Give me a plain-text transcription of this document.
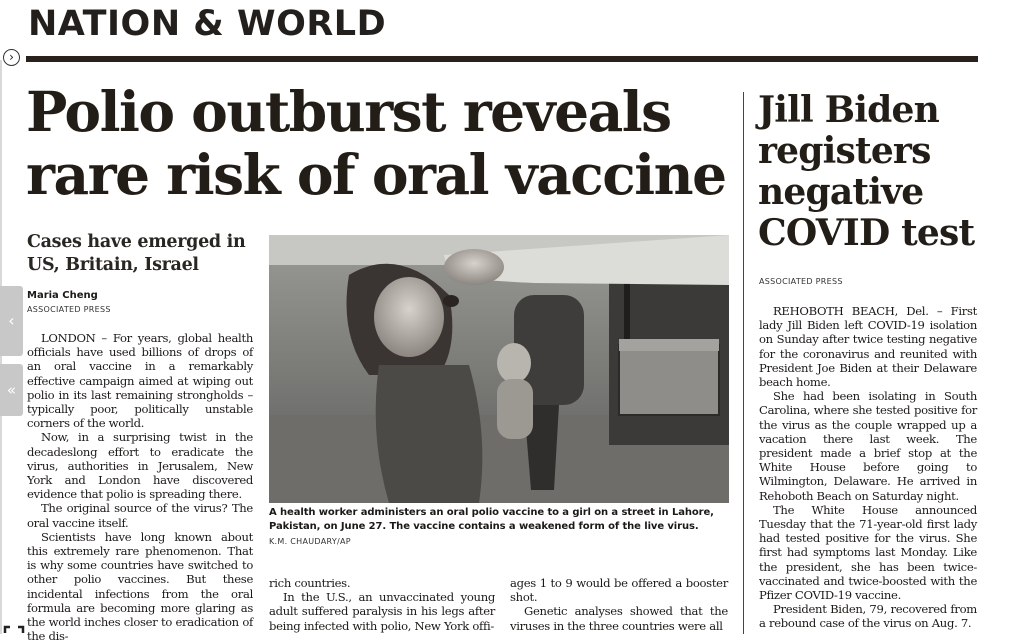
NATION & WORLD
›
‹
«
Polio outburst reveals rare risk of oral vaccine
Cases have emerged in US, Britain, Israel
Maria Cheng
ASSOCIATED PRESS

LONDON – For years, global health officials have used billions of drops of an oral vaccine in a remarkably effective campaign aimed at wiping out polio in its last remaining strongholds – typically poor, politically unstable corners of the world.

Now, in a surprising twist in the decadeslong effort to eradicate the virus, authorities in Jerusalem, New York and London have discovered evidence that polio is spreading there.

The original source of the virus? The oral vaccine itself.

Scientists have long known about this extremely rare phenomenon. That is why some countries have switched to other polio vaccines. But these incidental infections from the oral formula are becoming more glaring as the world inches closer to eradication of the dis-

A health worker administers an oral polio vaccine to a girl on a street in Lahore, Pakistan, on June 27. The vaccine contains a weakened form of the live virus.

K.M. CHAUDARY/AP
rich countries.

In the U.S., an unvaccinated young adult suffered paralysis in his legs after being infected with polio, New York offi-

ages 1 to 9 would be offered a booster shot.

Genetic analyses showed that the viruses in the three countries were all

Jill Biden registers negative COVID test
ASSOCIATED PRESS

REHOBOTH BEACH, Del. – First lady Jill Biden left COVID-19 isolation on Sunday after twice testing negative for the coronavirus and reunited with President Joe Biden at their Delaware beach home.

She had been isolating in South Carolina, where she tested positive for the virus as the couple wrapped up a vacation there last week. The president made a brief stop at the White House before going to Wilmington, Delaware. He arrived in Rehoboth Beach on Saturday night.

The White House announced Tuesday that the 71-year-old first lady had tested positive for the virus. She first had symptoms last Monday. Like the president, she has been twice-vaccinated and twice-boosted with the Pfizer COVID-19 vaccine.

President Biden, 79, recovered from a rebound case of the virus on Aug. 7.
